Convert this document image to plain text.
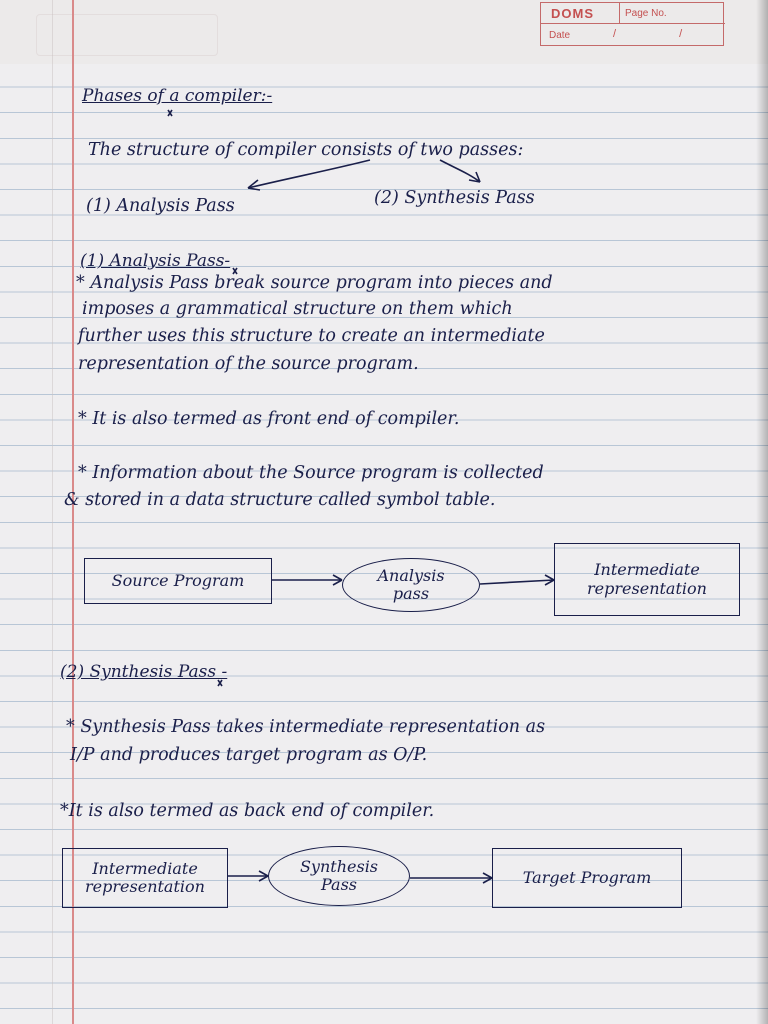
DOMS	Page No.
Date	/ /
Phases of a compiler:-
The structure of compiler consists of two passes:
(1) Analysis Pass	(2) Synthesis Pass
(1) Analysis Pass-
* Analysis Pass break source program into pieces and
imposes a grammatical structure on them which
further uses this structure to create an intermediate
representation of the source program.
* It is also termed as front end of compiler.
* Information about the Source program is collected
& stored in a data structure called symbol table.
Source Program	Analysis
pass
Intermediate
representation
(2) Synthesis Pass -
* Synthesis Pass takes intermediate representation as
I/P and produces target program as O/P.
*It is also termed as back end of compiler.
Intermediate
representation
Synthesis
Pass	Target Program
